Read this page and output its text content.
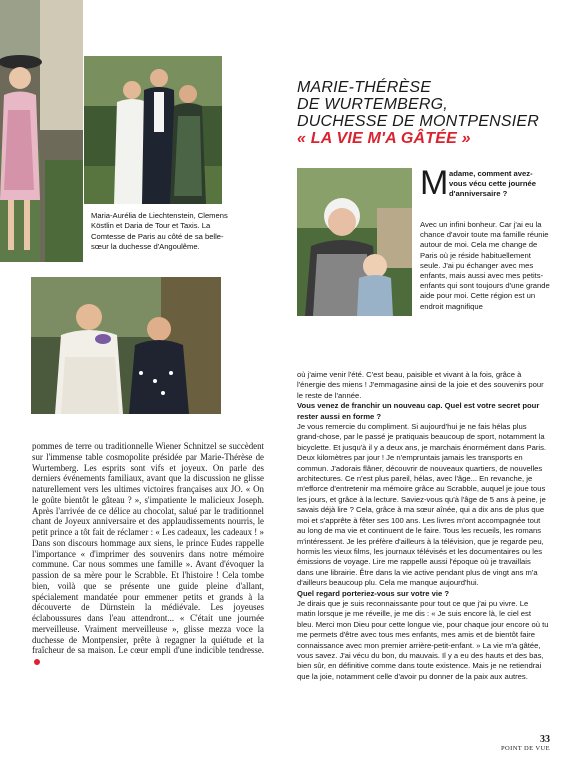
Maria-Aurélia de Liechtenstein, Clemens Köstlin et Daria de Tour et Taxis. La Comtesse de Paris au côté de sa belle-sœur la duchesse d'Angoulême.
MARIE-THÉRÈSE
DE WURTEMBERG,
DUCHESSE DE MONTPENSIER
« LA VIE M'A GÂTÉE »
M adame, comment avez-vous vécu cette journée d'anniversaire ?

Avec un infini bonheur. Car j'ai eu la chance d'avoir toute ma famille réunie autour de moi. Cela me change de Paris où je réside habituellement seule. J'ai pu échanger avec mes enfants, mais aussi avec mes petits-enfants qui sont toujours d'une grande aide pour moi. Cette région est un endroit magnifique

pommes de terre ou traditionnelle Wiener Schnitzel se succèdent sur l'immense table cosmopolite présidée par Marie-Thérèse de Wurtemberg. Les esprits sont vifs et joyeux. On parle des derniers événements familiaux, avant que la discussion ne glisse naturellement vers les ultimes victoires françaises aux JO. « On le goûte bientôt le gâteau ? », s'impatiente le malicieux Joseph. Après l'arrivée de ce délice au chocolat, salué par le traditionnel chant de Joyeux anniversaire et des applaudissements nourris, le petit prince a tôt fait de réclamer : « Les cadeaux, les cadeaux ! » Dans son discours hommage aux siens, le prince Eudes rappelle l'importance « d'imprimer des souvenirs dans notre mémoire commune. Car nous sommes une famille ». Avant d'évoquer la passion de sa mère pour le Scrabble. Et l'histoire ! Cela tombe bien, voilà que se présente une guide pleine d'allant, spécialement mandatée pour emmener petits et grands à la découverte de Dürnstein la médiévale. Les joyeuses éclaboussures dans l'eau attendront... « C'était une journée merveilleuse. Vraiment merveilleuse », glisse mezza voce la duchesse de Montpensier, prête à regagner la quiétude et la fraîcheur de sa maison. Le cœur empli d'une indicible tendresse.

où j'aime venir l'été. C'est beau, paisible et vivant à la fois, grâce à l'énergie des miens ! J'emmagasine ainsi de la joie et des souvenirs pour le reste de l'année.

Vous venez de franchir un nouveau cap. Quel est votre secret pour rester aussi en forme ?

Je vous remercie du compliment. Si aujourd'hui je ne fais hélas plus grand-chose, par le passé je pratiquais beaucoup de sport, notamment la bicyclette. Et jusqu'à il y a deux ans, je marchais énormément dans Paris. Deux kilomètres par jour ! Je n'empruntais jamais les transports en commun. J'adorais flâner, découvrir de nouveaux quartiers, de nouvelles architectures. Ce n'est plus pareil, hélas, avec l'âge... En revanche, je m'efforce d'entretenir ma mémoire grâce au Scrabble, auquel je joue tous les jours, et grâce à la lecture. Saviez-vous qu'à l'âge de 5 ans à peine, je savais déjà lire ? Cela, grâce à ma sœur aînée, qui a dix ans de plus que moi et s'apprête à fêter ses 100 ans. Les livres m'ont accompagnée tout au long de ma vie et continuent de le faire. Tous les recueils, les romans m'intéressent. Je les préfère d'ailleurs à la télévision, que je regarde peu, hormis les vieux films, les journaux télévisés et les documentaires ou les émissions de voyage. Lire me rappelle aussi l'époque où je travaillais dans une librairie. Être dans la vie active pendant plus de vingt ans m'a d'ailleurs beaucoup plu. Cela me manque aujourd'hui.

Quel regard porteriez-vous sur votre vie ?

Je dirais que je suis reconnaissante pour tout ce que j'ai pu vivre. Le matin lorsque je me réveille, je me dis : « Je suis encore là, le ciel est bleu. Merci mon Dieu pour cette longue vie, pour chaque jour encore où tu me permets d'être avec tous mes enfants, mes amis et de bientôt faire connaissance avec mon premier arrière-petit-enfant. » La vie m'a gâtée, vous savez. J'ai vécu du bon, du mauvais. Il y a eu des hauts et des bas, bien sûr, en définitive comme dans toute existence. Mais je ne retiendrai que la joie, notamment celle d'avoir pu donner de la paix aux autres.

33
POINT DE VUE
